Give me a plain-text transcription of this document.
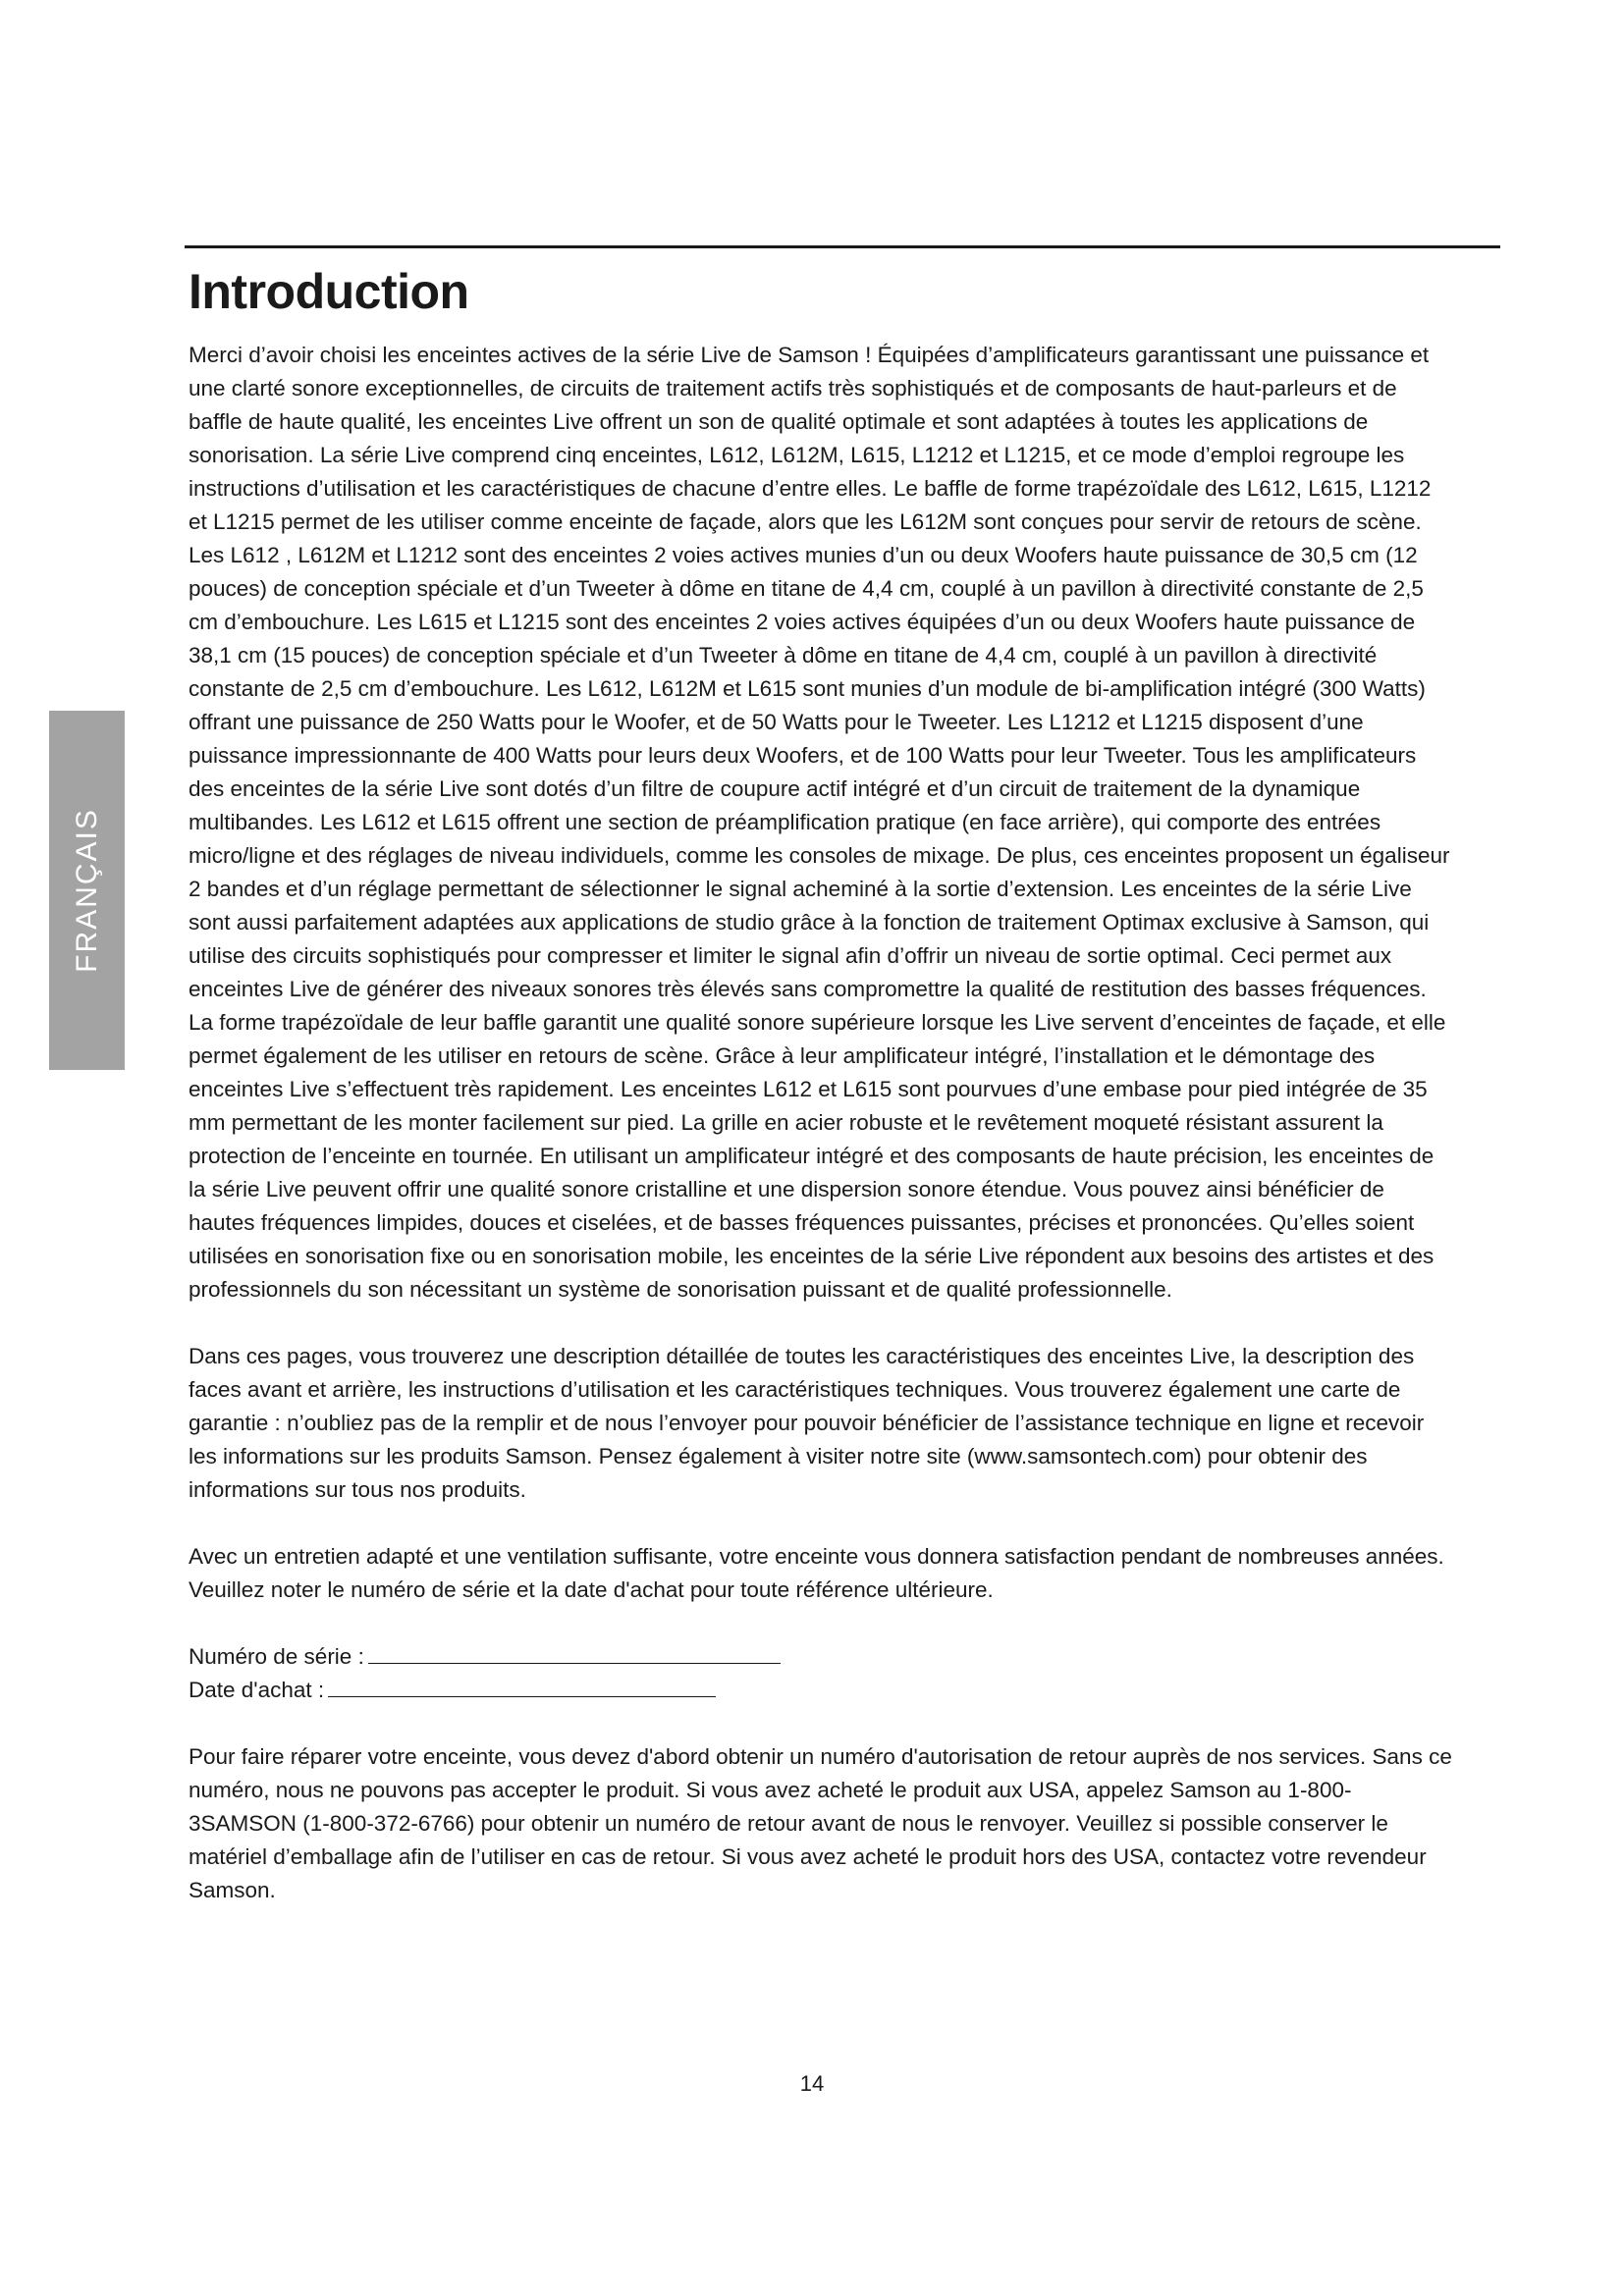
FRANÇAIS
Introduction

Merci d’avoir choisi les enceintes actives de la série Live de Samson ! Équipées d’amplificateurs garantissant une puissance et une clarté sonore exceptionnelles, de circuits de traitement actifs très sophistiqués et de composants de haut-parleurs et de baffle de haute qualité, les enceintes Live offrent un son de qualité optimale et sont adaptées à toutes les applications de sonorisation. La série Live comprend cinq enceintes, L612, L612M, L615, L1212 et L1215, et ce mode d’emploi regroupe les instructions d’utilisation et les caractéristiques de chacune d’entre elles. Le baffle de forme trapézoïdale des L612, L615, L1212 et L1215 permet de les utiliser comme enceinte de façade, alors que les L612M sont conçues pour servir de retours de scène. Les L612 , L612M et L1212 sont des enceintes 2 voies actives munies d’un ou deux Woofers haute puissance de 30,5 cm (12 pouces) de conception spéciale et d’un Tweeter à dôme en titane de 4,4 cm, couplé à un pavillon à directivité constante de 2,5 cm d’embouchure. Les L615 et L1215 sont des enceintes 2 voies actives équipées d’un ou deux Woofers haute puissance de 38,1 cm (15 pouces) de conception spéciale et d’un Tweeter à dôme en titane de 4,4 cm, couplé à un pavillon à directivité constante de 2,5 cm d’embouchure. Les L612, L612M et L615 sont munies d’un module de bi-amplification intégré (300 Watts) offrant une puissance de 250 Watts pour le Woofer, et de 50 Watts pour le Tweeter. Les L1212 et L1215 disposent d’une puissance impressionnante de 400 Watts pour leurs deux Woofers, et de 100 Watts pour leur Tweeter. Tous les amplificateurs des enceintes de la série Live sont dotés d’un filtre de coupure actif intégré et d’un circuit de traitement de la dynamique multibandes. Les L612 et L615 offrent une section de préamplification pratique (en face arrière), qui comporte des entrées micro/ligne et des réglages de niveau individuels, comme les consoles de mixage. De plus, ces enceintes proposent un égaliseur 2 bandes et d’un réglage permettant de sélectionner le signal acheminé à la sortie d’extension. Les enceintes de la série Live sont aussi parfaitement adaptées aux applications de studio grâce à la fonction de traitement Optimax exclusive à Samson, qui utilise des circuits sophistiqués pour compresser et limiter le signal afin d’offrir un niveau de sortie optimal. Ceci permet aux enceintes Live de générer des niveaux sonores très élevés sans compromettre la qualité de restitution des basses fréquences. La forme trapézoïdale de leur baffle garantit une qualité sonore supérieure lorsque les Live servent d’enceintes de façade, et elle permet également de les utiliser en retours de scène. Grâce à leur amplificateur intégré, l’installation et le démontage des enceintes Live s’effectuent très rapidement. Les enceintes L612 et L615 sont pourvues d’une embase pour pied intégrée de 35 mm permettant de les monter facilement sur pied. La grille en acier robuste et le revêtement moqueté résistant assurent la protection de l’enceinte en tournée. En utilisant un amplificateur intégré et des composants de haute précision, les enceintes de la série Live peuvent offrir une qualité sonore cristalline et une dispersion sonore étendue. Vous pouvez ainsi bénéficier de hautes fréquences limpides, douces et ciselées, et de basses fréquences puissantes, précises et prononcées. Qu’elles soient utilisées en sonorisation fixe ou en sonorisation mobile, les enceintes de la série Live répondent aux besoins des artistes et des professionnels du son nécessitant un système de sonorisation puissant et de qualité professionnelle.

Dans ces pages, vous trouverez une description détaillée de toutes les caractéristiques des enceintes Live, la description des faces avant et arrière, les instructions d’utilisation et les caractéristiques techniques. Vous trouverez également une carte de garantie : n’oubliez pas de la remplir et de nous l’envoyer pour pouvoir bénéficier de l’assistance technique en ligne et recevoir les informations sur les produits Samson. Pensez également à visiter notre site (www.samsontech.com) pour obtenir des informations sur tous nos produits.

Avec un entretien adapté et une ventilation suffisante, votre enceinte vous donnera satisfaction pendant de nombreuses années. Veuillez noter le numéro de série et la date d'achat pour toute référence ultérieure.

Numéro de série :
Date d'achat :

Pour faire réparer votre enceinte, vous devez d'abord obtenir un numéro d'autorisation de retour auprès de nos services. Sans ce numéro, nous ne pouvons pas accepter le produit. Si vous avez acheté le produit aux USA, appelez Samson au 1-800-3SAMSON (1-800-372-6766) pour obtenir un numéro de retour avant de nous le renvoyer. Veuillez si possible conserver le matériel d’emballage afin de l’utiliser en cas de retour. Si vous avez acheté le produit hors des USA, contactez votre revendeur Samson.

14
